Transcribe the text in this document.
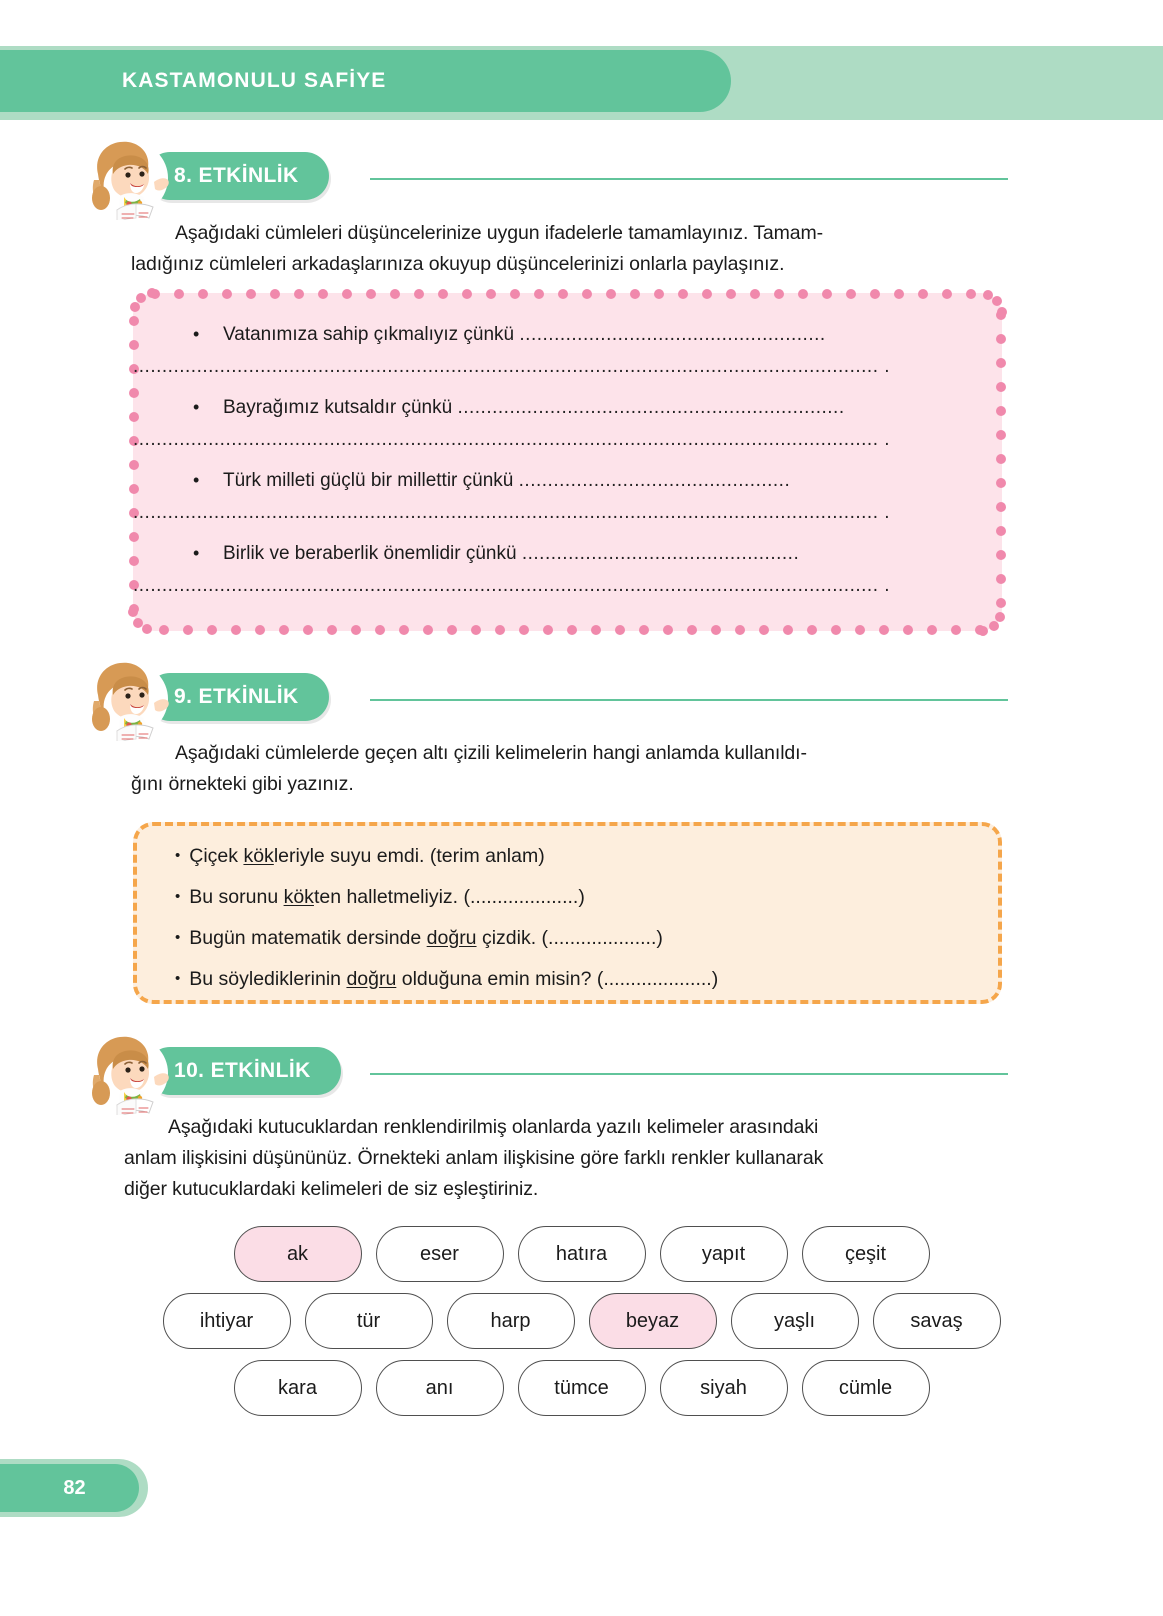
KASTAMONULU SAFİYE
8. ETKİNLİK
Aşağıdaki cümleleri düşüncelerinize uygun ifadelerle tamamlayınız. Tamam-
ladığınız cümleleri arkadaşlarınıza okuyup düşüncelerinizi onlarla paylaşınız.
• Vatanımıza sahip çıkmalıyız çünkü .....................................................
................................................................................................................................. .
• Bayrağımız kutsaldır çünkü ...................................................................
................................................................................................................................. .
• Türk milleti güçlü bir millettir çünkü ...............................................
................................................................................................................................. .
• Birlik ve beraberlik önemlidir çünkü ................................................
................................................................................................................................. .
9. ETKİNLİK
Aşağıdaki cümlelerde geçen altı çizili kelimelerin hangi anlamda kullanıldı-
ğını örnekteki gibi yazınız.
• Çiçek kökleriyle suyu emdi. (terim anlam)
• Bu sorunu kökten halletmeliyiz. (....................)
• Bugün matematik dersinde doğru çizdik. (....................)
• Bu söylediklerinin doğru olduğuna emin misin? (....................)
10. ETKİNLİK
Aşağıdaki kutucuklardan renklendirilmiş olanlarda yazılı kelimeler arasındaki
anlam ilişkisini düşününüz. Örnekteki anlam ilişkisine göre farklı renkler kullanarak
diğer kutucuklardaki kelimeleri de siz eşleştiriniz.
ak	eser	hatıra	yapıt	çeşit
ihtiyar	tür	harp	beyaz	yaşlı	savaş
kara	anı	tümce	siyah	cümle
82
